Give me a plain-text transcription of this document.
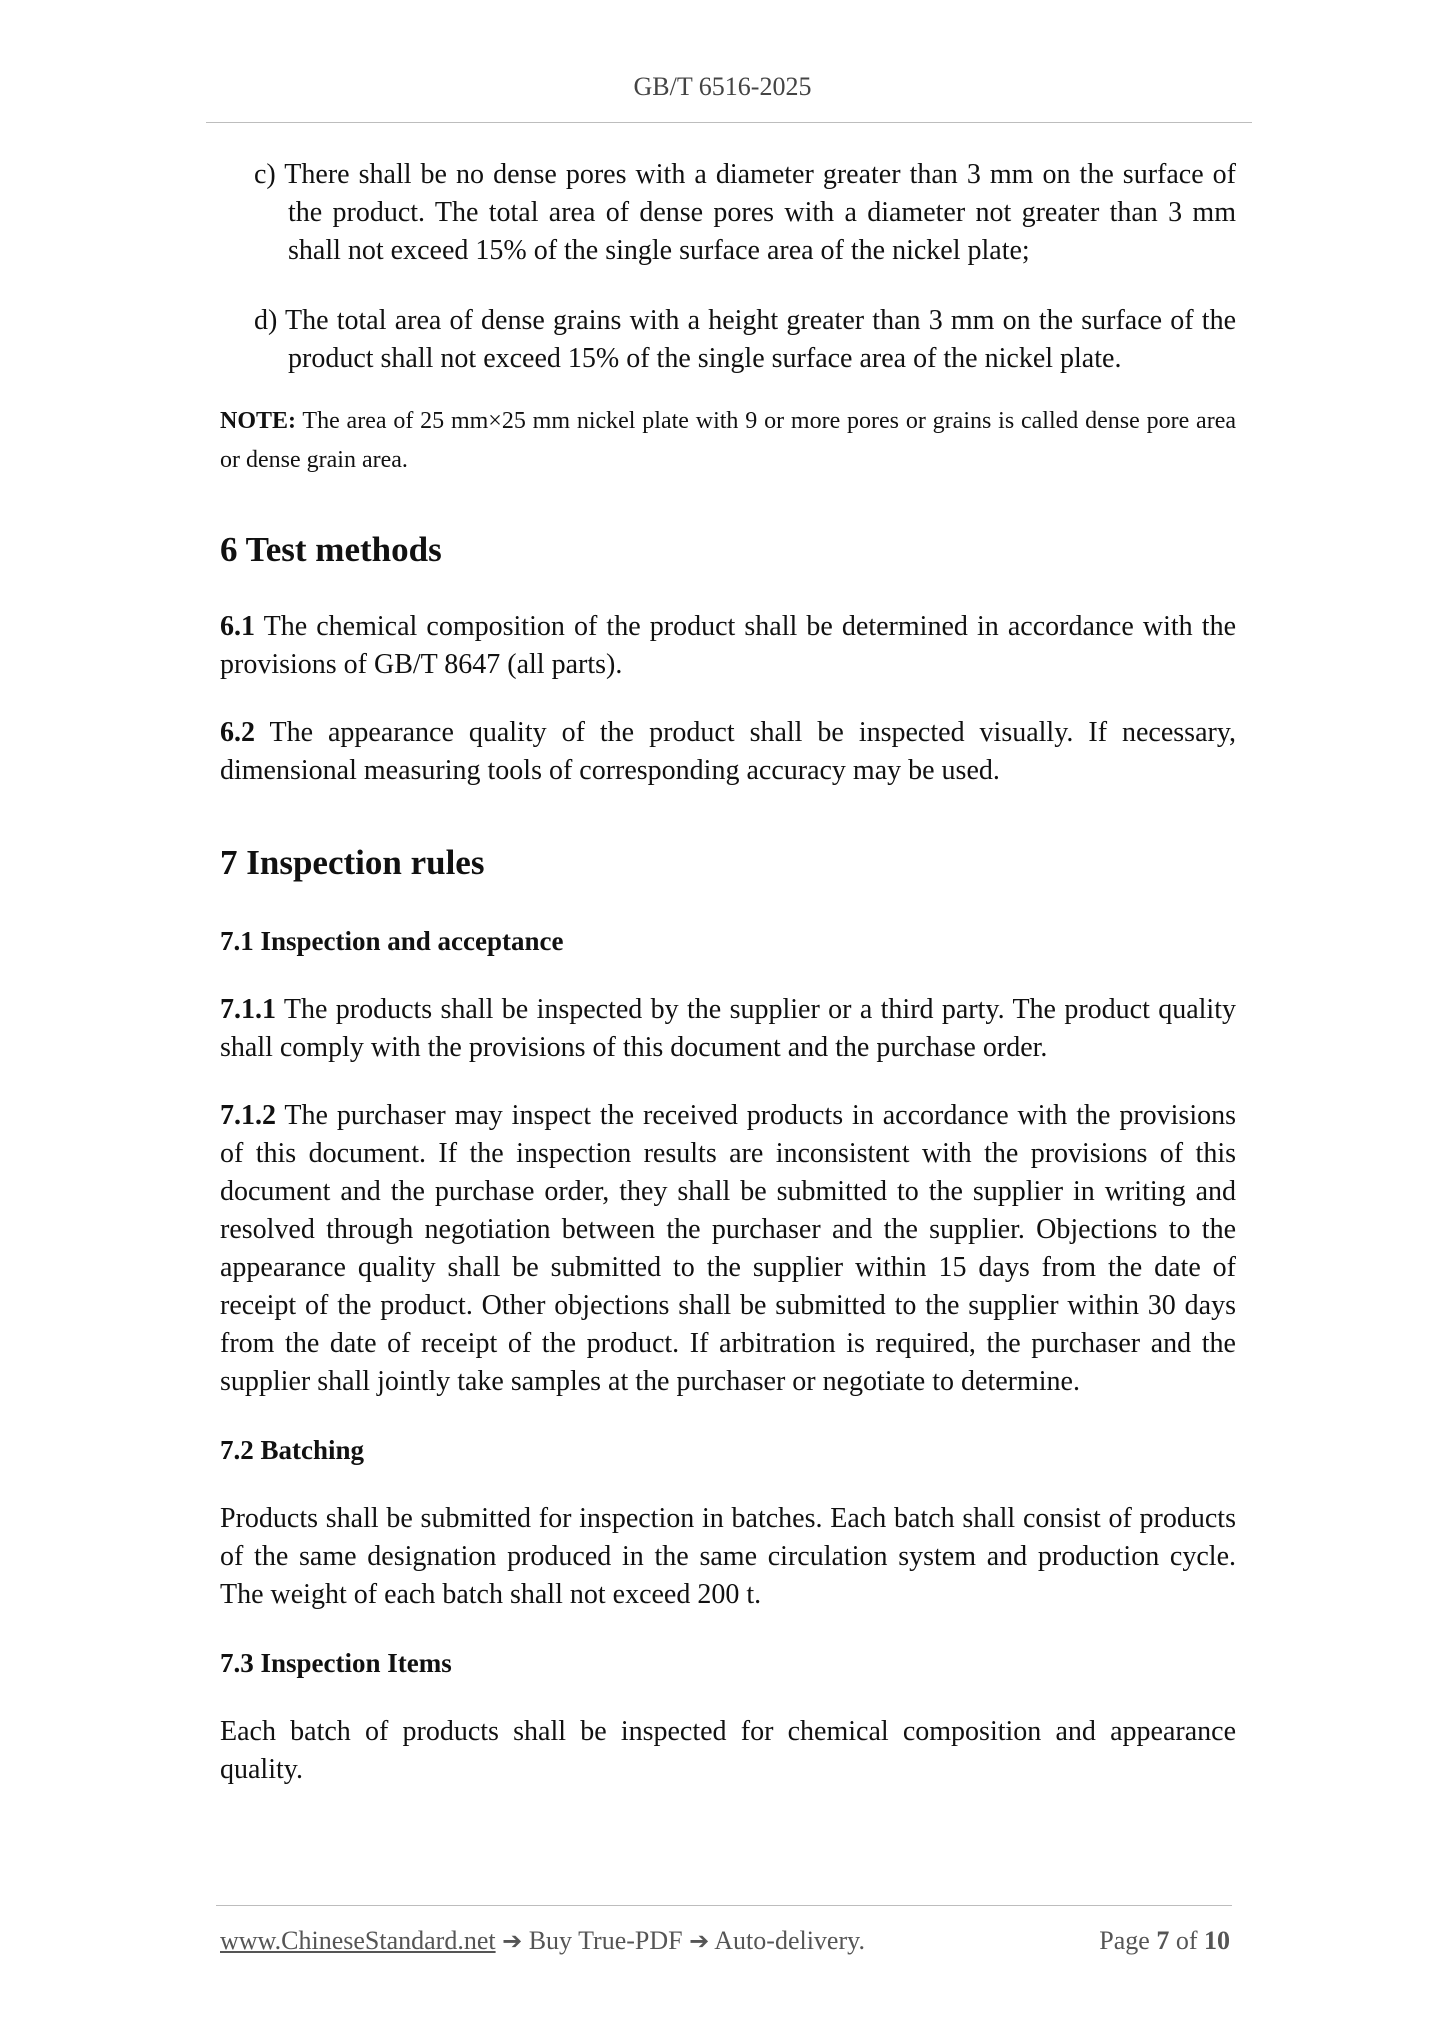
GB/T 6516-2025

c) There shall be no dense pores with a diameter greater than 3 mm on the surface of the product. The total area of dense pores with a diameter not greater than 3 mm shall not exceed 15% of the single surface area of the nickel plate;

d) The total area of dense grains with a height greater than 3 mm on the surface of the product shall not exceed 15% of the single surface area of the nickel plate.

NOTE: The area of 25 mm×25 mm nickel plate with 9 or more pores or grains is called dense pore area or dense grain area.

6 Test methods

6.1 The chemical composition of the product shall be determined in accordance with the provisions of GB/T 8647 (all parts).

6.2 The appearance quality of the product shall be inspected visually. If necessary, dimensional measuring tools of corresponding accuracy may be used.

7 Inspection rules

7.1 Inspection and acceptance

7.1.1 The products shall be inspected by the supplier or a third party. The product quality shall comply with the provisions of this document and the purchase order.

7.1.2 The purchaser may inspect the received products in accordance with the provisions of this document. If the inspection results are inconsistent with the provisions of this document and the purchase order, they shall be submitted to the supplier in writing and resolved through negotiation between the purchaser and the supplier. Objections to the appearance quality shall be submitted to the supplier within 15 days from the date of receipt of the product. Other objections shall be submitted to the supplier within 30 days from the date of receipt of the product. If arbitration is required, the purchaser and the supplier shall jointly take samples at the purchaser or negotiate to determine.

7.2 Batching

Products shall be submitted for inspection in batches. Each batch shall consist of products of the same designation produced in the same circulation system and production cycle. The weight of each batch shall not exceed 200 t.

7.3 Inspection Items

Each batch of products shall be inspected for chemical composition and appearance quality.

www.ChineseStandard.net ➔ Buy True-PDF ➔ Auto-delivery.	Page 7 of 10
